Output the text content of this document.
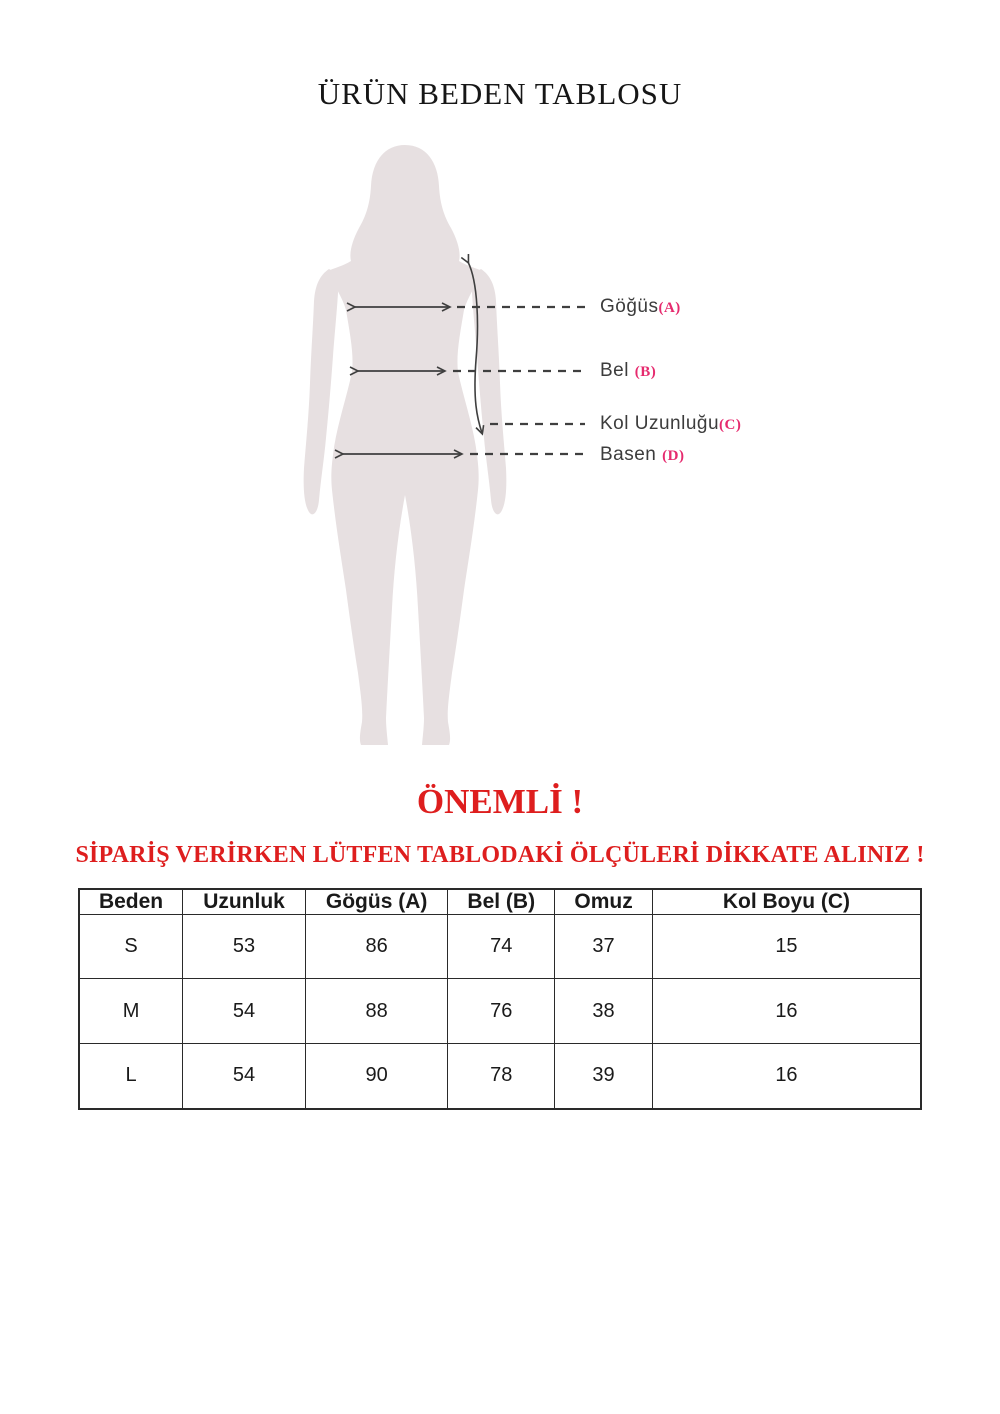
ÜRÜN BEDEN TABLOSU
Göğüs(A)
Bel (B)
Kol Uzunluğu(C)
Basen (D)
ÖNEMLİ !
SİPARİŞ VERİRKEN LÜTFEN TABLODAKİ ÖLÇÜLERİ DİKKATE ALINIZ !
Beden	Uzunluk	Gögüs (A)	Bel (B)	Omuz	Kol Boyu (C)
S	53	86	74	37	15
M	54	88	76	38	16
L	54	90	78	39	16
